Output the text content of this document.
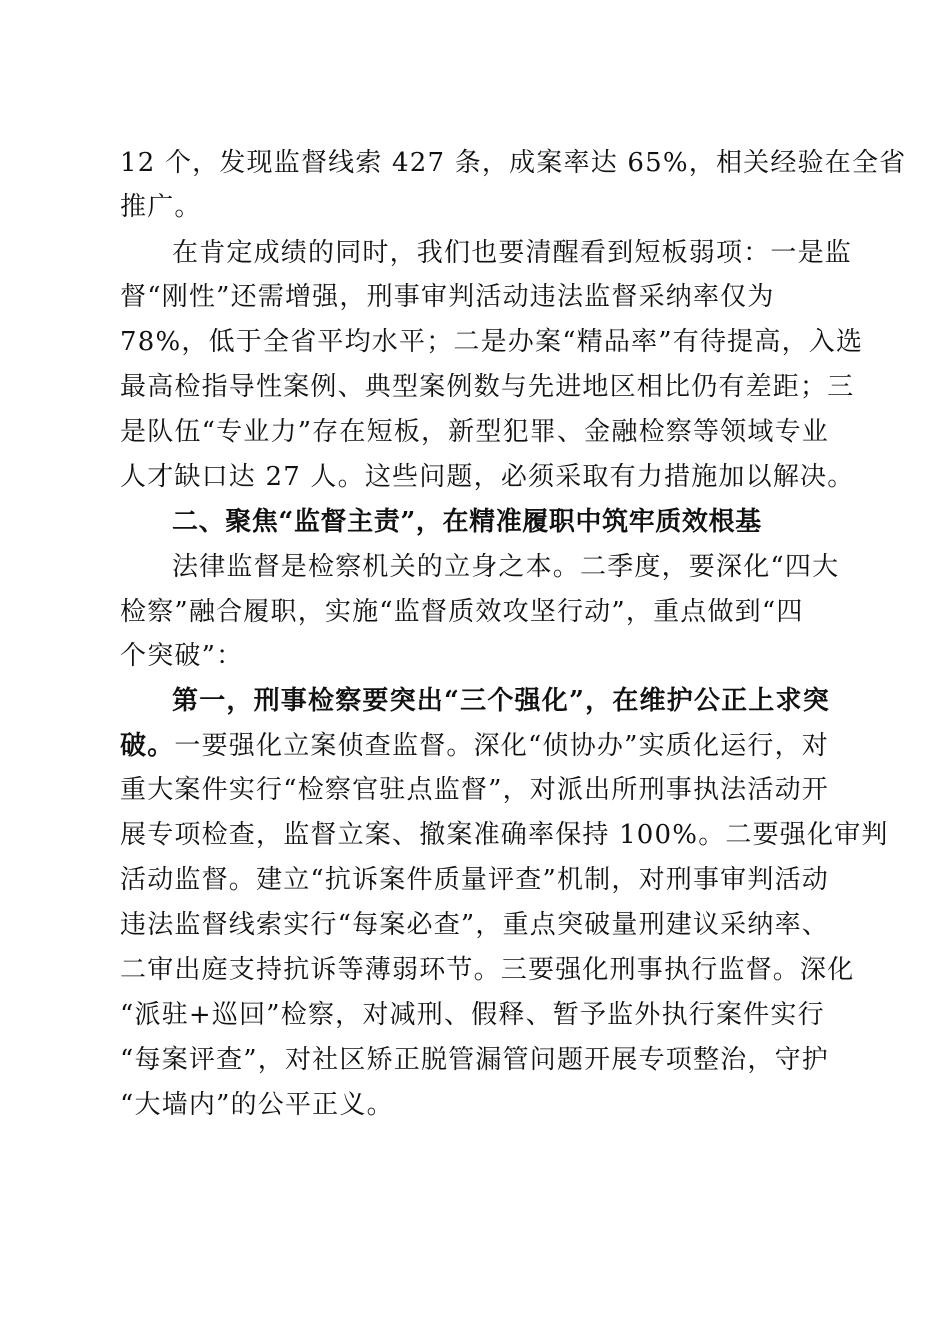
12 个，发现监督线索 427 条，成案率达 65%，相关经验在全省
推广。
在肯定成绩的同时，我们也要清醒看到短板弱项：一是监
督“刚性”还需增强，刑事审判活动违法监督采纳率仅为
78%，低于全省平均水平；二是办案“精品率”有待提高，入选
最高检指导性案例、典型案例数与先进地区相比仍有差距；三
是队伍“专业力”存在短板，新型犯罪、金融检察等领域专业
人才缺口达 27 人。这些问题，必须采取有力措施加以解决。
二、聚焦“监督主责”，在精准履职中筑牢质效根基
法律监督是检察机关的立身之本。二季度，要深化“四大
检察”融合履职，实施“监督质效攻坚行动”，重点做到“四
个突破”：
第一，刑事检察要突出“三个强化”，在维护公正上求突
破。一要强化立案侦查监督。深化“侦协办”实质化运行，对
重大案件实行“检察官驻点监督”，对派出所刑事执法活动开
展专项检查，监督立案、撤案准确率保持 100%。二要强化审判
活动监督。建立“抗诉案件质量评查”机制，对刑事审判活动
违法监督线索实行“每案必查”，重点突破量刑建议采纳率、
二审出庭支持抗诉等薄弱环节。三要强化刑事执行监督。深化
“派驻+巡回”检察，对减刑、假释、暂予监外执行案件实行
“每案评查”，对社区矫正脱管漏管问题开展专项整治，守护
“大墙内”的公平正义。
